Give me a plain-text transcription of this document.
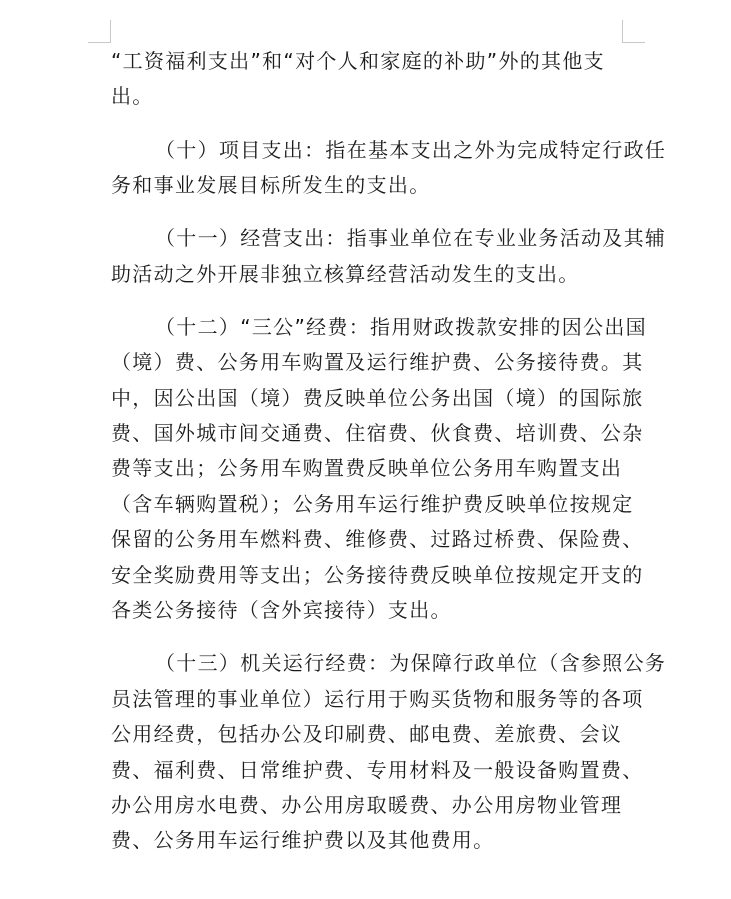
“工资福利支出”和“对个人和家庭的补助”外的其他支
出。

（十）项目支出：指在基本支出之外为完成特定行政任
务和事业发展目标所发生的支出。

（十一）经营支出：指事业单位在专业业务活动及其辅
助活动之外开展非独立核算经营活动发生的支出。

（十二）“三公”经费：指用财政拨款安排的因公出国
（境）费、公务用车购置及运行维护费、公务接待费。其
中，因公出国（境）费反映单位公务出国（境）的国际旅
费、国外城市间交通费、住宿费、伙食费、培训费、公杂
费等支出；公务用车购置费反映单位公务用车购置支出
（含车辆购置税）；公务用车运行维护费反映单位按规定
保留的公务用车燃料费、维修费、过路过桥费、保险费、
安全奖励费用等支出；公务接待费反映单位按规定开支的
各类公务接待（含外宾接待）支出。

（十三）机关运行经费：为保障行政单位（含参照公务
员法管理的事业单位）运行用于购买货物和服务等的各项
公用经费，包括办公及印刷费、邮电费、差旅费、会议
费、福利费、日常维护费、专用材料及一般设备购置费、
办公用房水电费、办公用房取暖费、办公用房物业管理
费、公务用车运行维护费以及其他费用。
